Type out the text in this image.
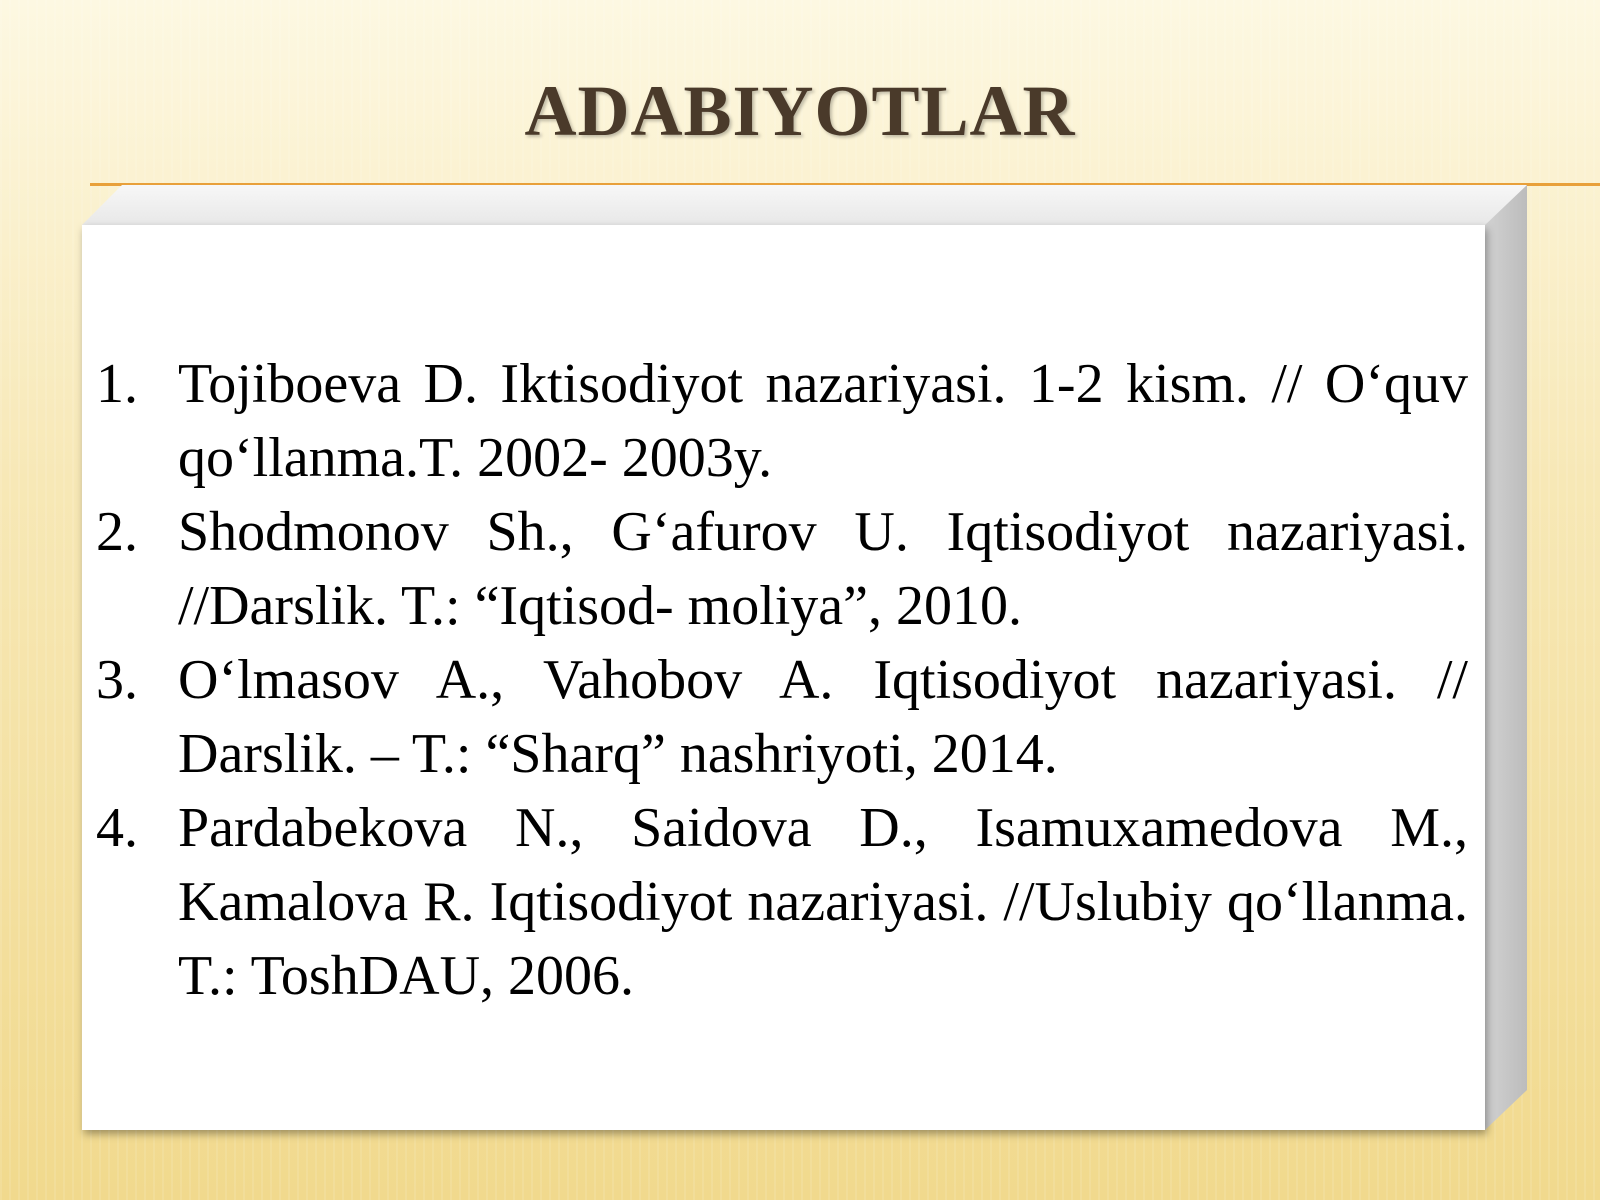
ADABIYOTLAR
1. Tojiboeva D. Iktisodiyot nazariyasi. 1-2 kism. // O‘quv qo‘llanma.T. 2002- 2003y.
2. Shodmonov Sh., G‘afurov U. Iqtisodiyot nazariyasi. //Darslik. T.: “Iqtisod- moliya”, 2010.
3. O‘lmasov A., Vahobov A. Iqtisodiyot nazariyasi. // Darslik. – T.: “Sharq” nashriyoti, 2014.
4. Pardabekova N., Saidova D., Isamuxamedova M., Kamalova R. Iqtisodiyot nazariyasi. //Uslubiy qo‘llanma. T.: ToshDAU, 2006.
